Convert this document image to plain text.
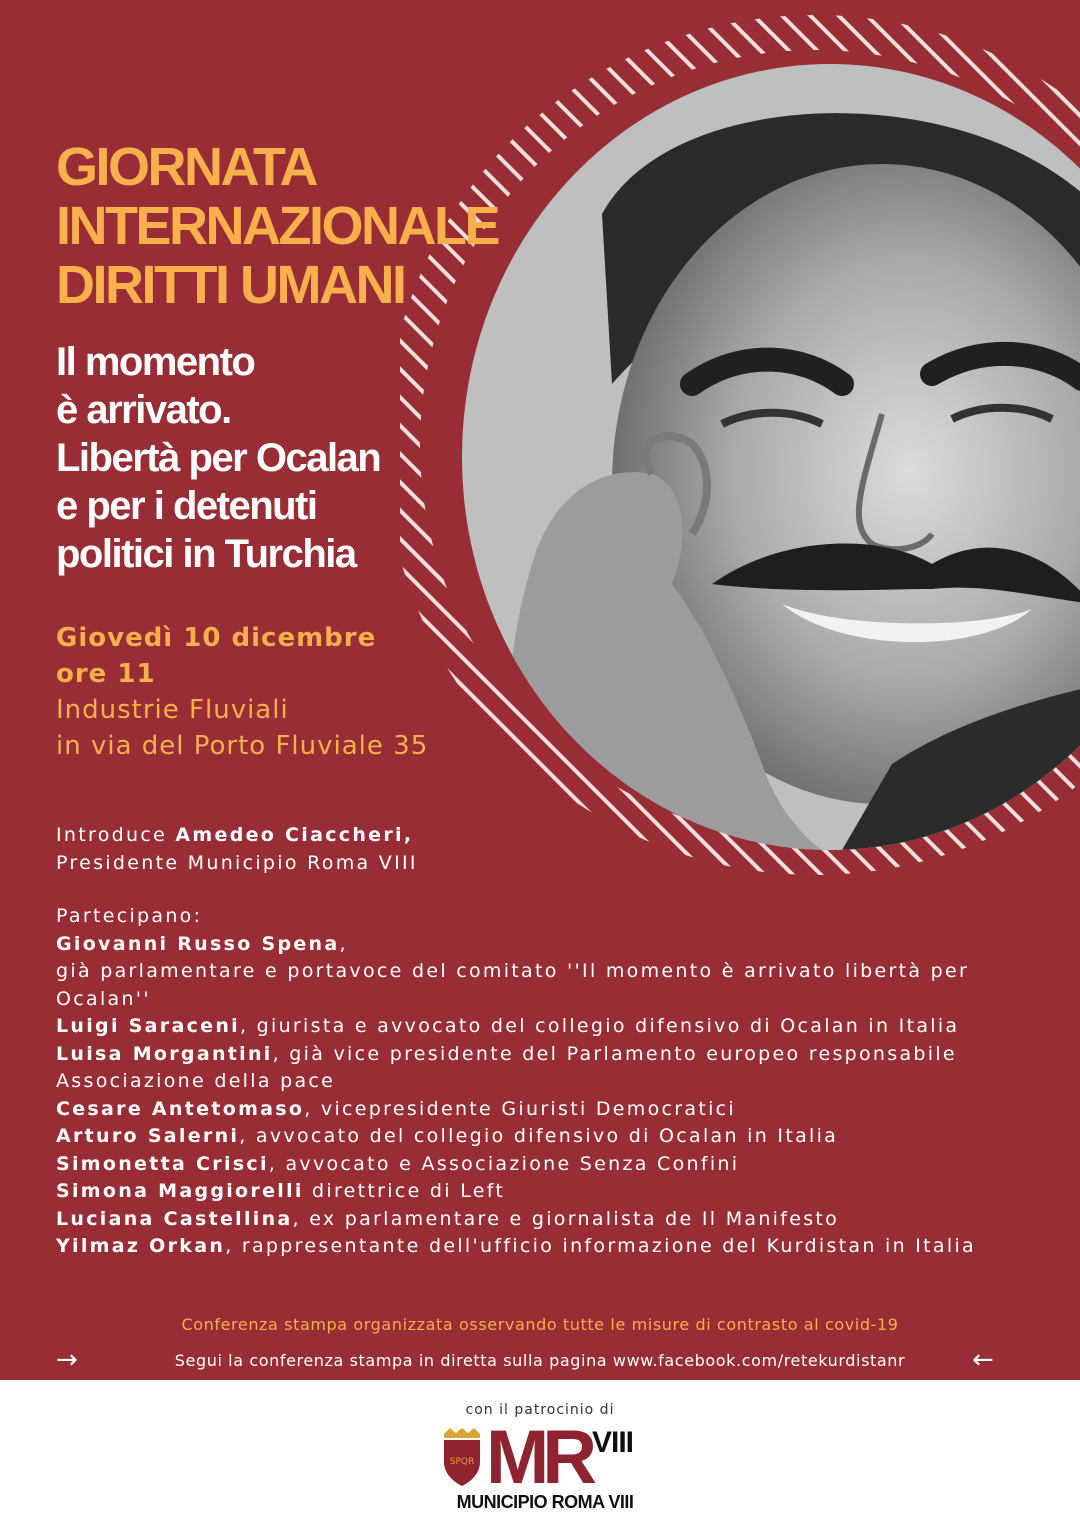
GIORNATA
INTERNAZIONALE
DIRITTI UMANI
Il momento
è arrivato.
Libertà per Ocalan
e per i detenuti
politici in Turchia
Giovedì 10 dicembre
ore 11
Industrie Fluviali
in via del Porto Fluviale 35
Introduce Amedeo Ciaccheri,
Presidente Municipio Roma VIII
Partecipano:
Giovanni Russo Spena,
già parlamentare e portavoce del comitato ''Il momento è arrivato libertà per
Ocalan''
Luigi Saraceni, giurista e avvocato del collegio difensivo di Ocalan in Italia
Luisa Morgantini, già vice presidente del Parlamento europeo responsabile
Associazione della pace
Cesare Antetomaso, vicepresidente Giuristi Democratici
Arturo Salerni, avvocato del collegio difensivo di Ocalan in Italia
Simonetta Crisci, avvocato e Associazione Senza Confini
Simona Maggiorelli direttrice di Left
Luciana Castellina, ex parlamentare e giornalista de Il Manifesto
Yilmaz Orkan, rappresentante dell'ufficio informazione del Kurdistan in Italia
Conferenza stampa organizzata osservando tutte le misure di contrasto al covid-19
→	Segui la conferenza stampa in diretta sulla pagina www.facebook.com/retekurdistanr	←
con il patrocinio di
SPQR MR VIII
MUNICIPIO ROMA VIII
